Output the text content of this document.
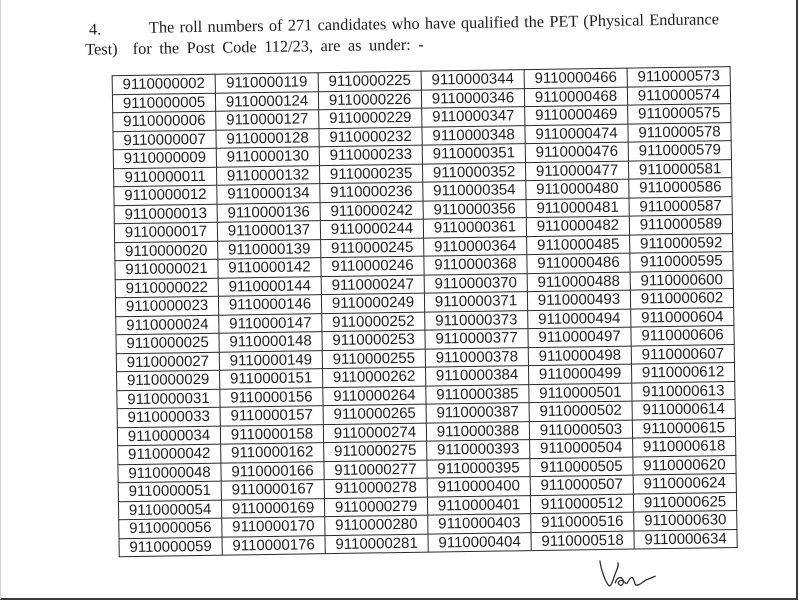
4.	The roll numbers of 271 candidates who have qualified the PET (Physical Endurance
Test)  for the Post Code 112/23, are as under: -
9110000002	9110000119	9110000225	9110000344	9110000466	9110000573
9110000005	9110000124	9110000226	9110000346	9110000468	9110000574
9110000006	9110000127	9110000229	9110000347	9110000469	9110000575
9110000007	9110000128	9110000232	9110000348	9110000474	9110000578
9110000009	9110000130	9110000233	9110000351	9110000476	9110000579
9110000011	9110000132	9110000235	9110000352	9110000477	9110000581
9110000012	9110000134	9110000236	9110000354	9110000480	9110000586
9110000013	9110000136	9110000242	9110000356	9110000481	9110000587
9110000017	9110000137	9110000244	9110000361	9110000482	9110000589
9110000020	9110000139	9110000245	9110000364	9110000485	9110000592
9110000021	9110000142	9110000246	9110000368	9110000486	9110000595
9110000022	9110000144	9110000247	9110000370	9110000488	9110000600
9110000023	9110000146	9110000249	9110000371	9110000493	9110000602
9110000024	9110000147	9110000252	9110000373	9110000494	9110000604
9110000025	9110000148	9110000253	9110000377	9110000497	9110000606
9110000027	9110000149	9110000255	9110000378	9110000498	9110000607
9110000029	9110000151	9110000262	9110000384	9110000499	9110000612
9110000031	9110000156	9110000264	9110000385	9110000501	9110000613
9110000033	9110000157	9110000265	9110000387	9110000502	9110000614
9110000034	9110000158	9110000274	9110000388	9110000503	9110000615
9110000042	9110000162	9110000275	9110000393	9110000504	9110000618
9110000048	9110000166	9110000277	9110000395	9110000505	9110000620
9110000051	9110000167	9110000278	9110000400	9110000507	9110000624
9110000054	9110000169	9110000279	9110000401	9110000512	9110000625
9110000056	9110000170	9110000280	9110000403	9110000516	9110000630
9110000059	9110000176	9110000281	9110000404	9110000518	9110000634
